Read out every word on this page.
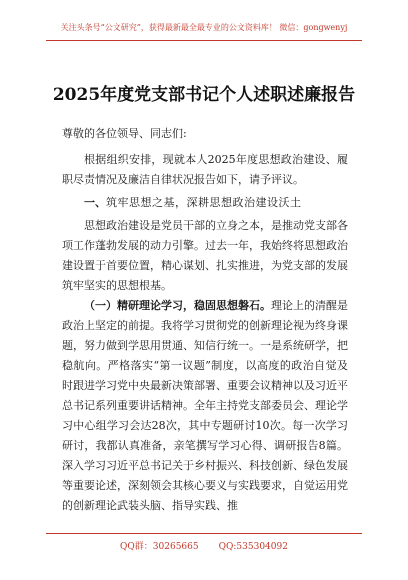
关注头条号“公文研究”，获得最新最全最专业的公文资料库！ 微信：gongwenyj
2025年度党支部书记个人述职述廉报告

尊敬的各位领导、同志们:

根据组织安排，现就本人2025年度思想政治建设、履职尽责情况及廉洁自律状况报告如下，请予评议。

一、筑牢思想之基，深耕思想政治建设沃土

思想政治建设是党员干部的立身之本，是推动党支部各项工作蓬勃发展的动力引擎。过去一年，我始终将思想政治建设置于首要位置，精心谋划、扎实推进，为党支部的发展筑牢坚实的思想根基。

（一）精研理论学习，稳固思想磐石。理论上的清醒是政治上坚定的前提。我将学习贯彻党的创新理论视为终身课题，努力做到学思用贯通、知信行统一。一是系统研学，把稳航向。严格落实“第一议题”制度，以高度的政治自觉及时跟进学习党中央最新决策部署、重要会议精神以及习近平总书记系列重要讲话精神。全年主持党支部委员会、理论学习中心组学习会达28次，其中专题研讨10次。每一次学习研讨，我都认真准备，亲笔撰写学习心得、调研报告8篇。深入学习习近平总书记关于乡村振兴、科技创新、绿色发展等重要论述，深刻领会其核心要义与实践要求，自觉运用党的创新理论武装头脑、指导实践、推

QQ群：30265665 QQ:535304092
